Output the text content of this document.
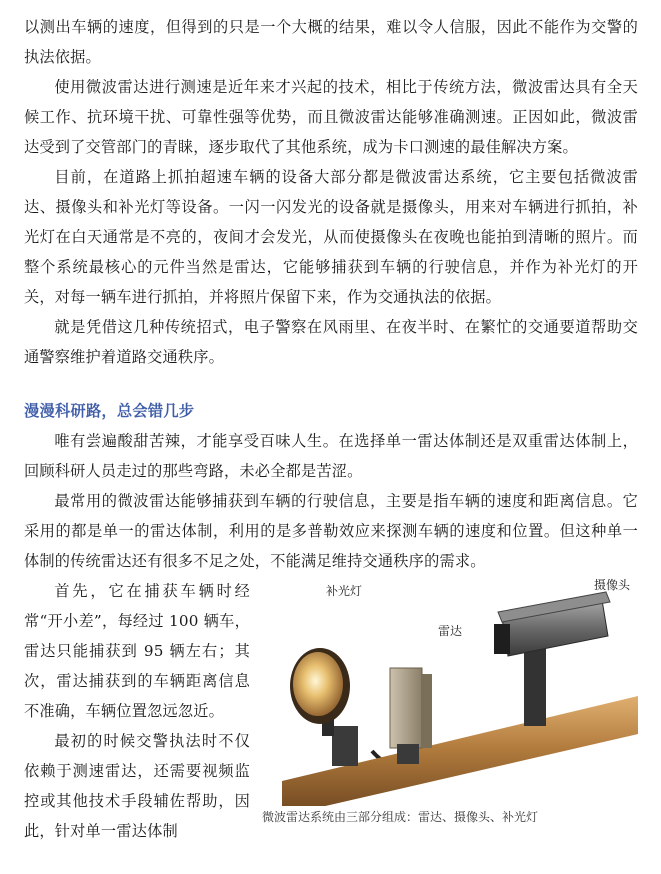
以测出车辆的速度，但得到的只是一个大概的结果，难以令人信服，因此不能作为交警的执法依据。

使用微波雷达进行测速是近年来才兴起的技术，相比于传统方法，微波雷达具有全天候工作、抗环境干扰、可靠性强等优势，而且微波雷达能够准确测速。正因如此，微波雷达受到了交管部门的青睐，逐步取代了其他系统，成为卡口测速的最佳解决方案。

目前，在道路上抓拍超速车辆的设备大部分都是微波雷达系统，它主要包括微波雷达、摄像头和补光灯等设备。一闪一闪发光的设备就是摄像头，用来对车辆进行抓拍，补光灯在白天通常是不亮的，夜间才会发光，从而使摄像头在夜晚也能拍到清晰的照片。而整个系统最核心的元件当然是雷达，它能够捕获到车辆的行驶信息，并作为补光灯的开关，对每一辆车进行抓拍，并将照片保留下来，作为交通执法的依据。

就是凭借这几种传统招式，电子警察在风雨里、在夜半时、在繁忙的交通要道帮助交通警察维护着道路交通秩序。

漫漫科研路，总会错几步

唯有尝遍酸甜苦辣，才能享受百味人生。在选择单一雷达体制还是双重雷达体制上，回顾科研人员走过的那些弯路，未必全都是苦涩。

最常用的微波雷达能够捕获到车辆的行驶信息，主要是指车辆的速度和距离信息。它采用的都是单一的雷达体制，利用的是多普勒效应来探测车辆的速度和位置。但这种单一体制的传统雷达还有很多不足之处，不能满足维持交通秩序的需求。

首先，它在捕获车辆时经常“开小差”，每经过 100 辆车，雷达只能捕获到 95 辆左右；其次，雷达捕获到的车辆距离信息不准确，车辆位置忽远忽近。

最初的时候交警执法时不仅依赖于测速雷达，还需要视频监控或其他技术手段辅佐帮助，因此，针对单一雷达体制

补光灯
雷达
摄像头
微波雷达系统由三部分组成：雷达、摄像头、补光灯
